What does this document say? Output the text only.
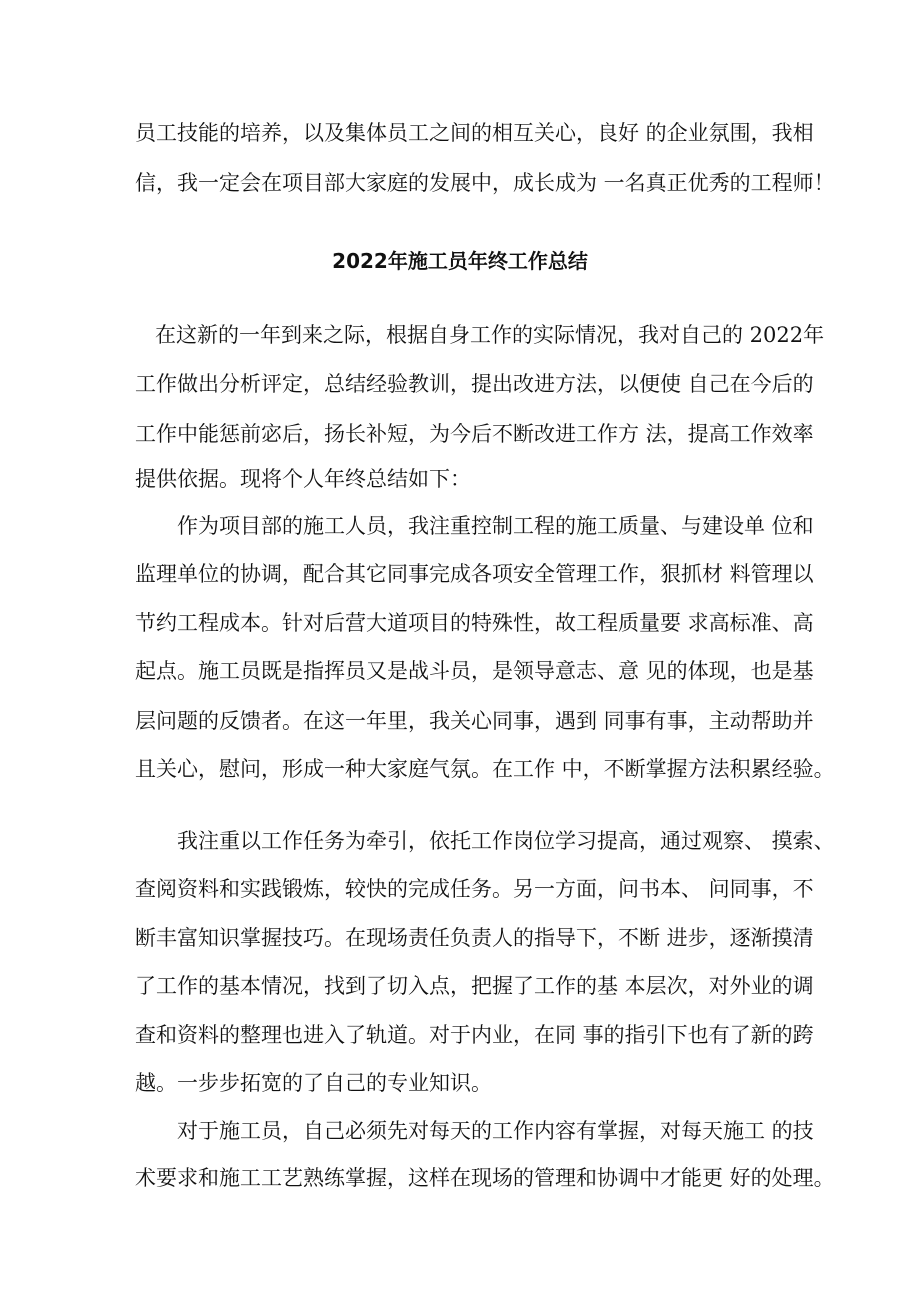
员工技能的培养，以及集体员工之间的相互关心，良好 的企业氛围，我相
信，我一定会在项目部大家庭的发展中，成长成为 一名真正优秀的工程师！
2022年施工员年终工作总结
在这新的一年到来之际，根据自身工作的实际情况，我对自己的 2022年
工作做出分析评定，总结经验教训，提出改进方法，以便使 自己在今后的
工作中能惩前宓后，扬长补短，为今后不断改进工作方 法，提高工作效率
提供依据。现将个人年终总结如下：
作为项目部的施工人员，我注重控制工程的施工质量、与建设单 位和
监理单位的协调，配合其它同事完成各项安全管理工作，狠抓材 料管理以
节约工程成本。针对后营大道项目的特殊性，故工程质量要 求高标准、高
起点。施工员既是指挥员又是战斗员，是领导意志、意 见的体现，也是基
层问题的反馈者。在这一年里，我关心同事，遇到 同事有事，主动帮助并
且关心，慰问，形成一种大家庭气氛。在工作 中，不断掌握方法积累经验。
我注重以工作任务为牵引，依托工作岗位学习提高，通过观察、 摸索、
查阅资料和实践锻炼，较快的完成任务。另一方面，问书本、 问同事，不
断丰富知识掌握技巧。在现场责任负责人的指导下，不断 进步，逐渐摸清
了工作的基本情况，找到了切入点，把握了工作的基 本层次，对外业的调
查和资料的整理也进入了轨道。对于内业，在同 事的指引下也有了新的跨
越。一步步拓宽的了自己的专业知识。
对于施工员，自己必须先对每天的工作内容有掌握，对每天施工 的技
术要求和施工工艺熟练掌握，这样在现场的管理和协调中才能更 好的处理。
